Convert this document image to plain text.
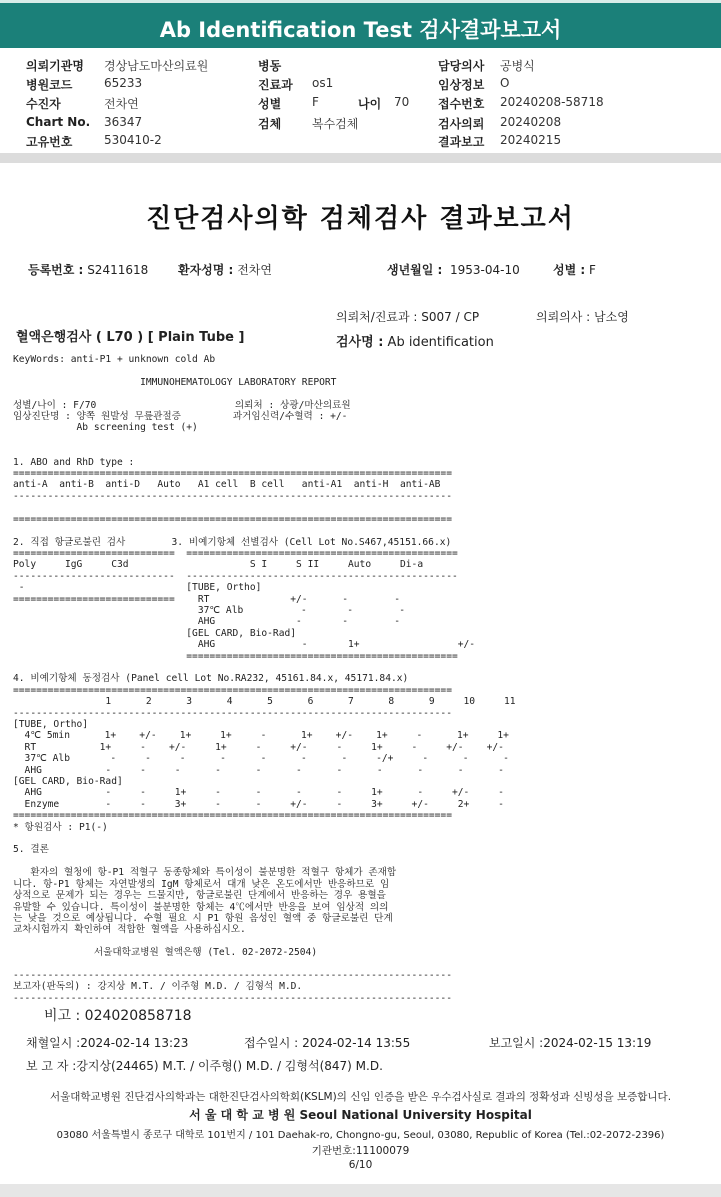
Ab Identification Test 검사결과보고서
의뢰기관명 경상남도마산의료원
병원코드	65233
수진자	전차연
Chart No. 36347
고유번호	530410-2
병동
진료과 os1
성별	F	나이 70
검체	복수검체
담당의사 공병식
임상정보 O
접수번호 20240208-58718
검사의뢰 20240208
결과보고 20240215
진단검사의학 검체검사 결과보고서
등록번호 : S2411618 환자성명 : 전차연	생년월일 : 1953-04-10	성별 : F
의뢰처/진료과 : S007 / CP	의뢰의사 : 남소영
혈액은행검사 ( L70 ) [ Plain Tube ]	검사명 : Ab identification
KeyWords: anti-P1 + unknown cold Ab

IMMUNOHEMATOLOGY LABORATORY REPORT

성별/나이 : F/70                        의뢰처 : 상광/마산의료원
임상진단명 : 양쪽 원발성 무릎관절증         과거임신력/수혈력 : +/-
Ab screening test (+)

1. ABO and RhD type :
============================================================================
anti-A  anti-B  anti-D   Auto   A1 cell  B cell   anti-A1  anti-H  anti-AB
----------------------------------------------------------------------------

============================================================================

2. 직접 항글로불린 검사        3. 비예기항체 선별검사 (Cell Lot No.S467,45151.66.x)
============================  ===============================================
Poly     IgG     C3d                     S I     S II     Auto     Di-a
----------------------------  -----------------------------------------------
-                            [TUBE, Ortho]
============================    RT              +/-      -        -
37℃ Alb          -       -        -
AHG              -       -        -
[GEL CARD, Bio-Rad]
AHG               -       1+                 +/-
===============================================

4. 비예기항체 동정검사 (Panel cell Lot No.RA232, 45161.84.x, 45171.84.x)
============================================================================
1      2      3      4      5      6      7      8      9     10     11
----------------------------------------------------------------------------
[TUBE, Ortho]
4℃ 5min      1+    +/-    1+     1+     -      1+    +/-    1+     -      1+     1+
RT           1+     -    +/-     1+     -     +/-     -     1+     -     +/-    +/-
37℃ Alb       -     -     -      -      -      -      -     -/+     -      -      -
AHG           -     -     -      -      -      -      -      -      -      -      -
[GEL CARD, Bio-Rad]
AHG           -     -     1+     -      -      -      -     1+      -     +/-     -
Enzyme        -     -     3+     -      -     +/-     -     3+     +/-     2+     -
============================================================================
* 항원검사 : P1(-)

5. 결론

환자의 혈청에 항-P1 적혈구 동종항체와 특이성이 불분명한 적혈구 항체가 존재합
니다. 항-P1 항체는 자연발생의 IgM 항체로서 대개 낮은 온도에서만 반응하므로 임
상적으로 문제가 되는 경우는 드물지만, 항글로불린 단계에서 반응하는 경우 용혈을
유발할 수 있습니다. 특이성이 불분명한 항체는 4℃에서만 반응을 보여 임상적 의의
는 낮을 것으로 예상됩니다. 수혈 필요 시 P1 항원 음성인 혈액 중 항글로불린 단계
교차시험까지 확인하여 적합한 혈액을 사용하십시오.

서울대학교병원 혈액은행 (Tel. 02-2072-2504)

----------------------------------------------------------------------------
보고자(판독의) : 강지상 M.T. / 이주형 M.D. / 김형석 M.D.
----------------------------------------------------------------------------
비고 : 024020858718
채혈일시 :2024-02-14 13:23	접수일시 : 2024-02-14 13:55	보고일시 :2024-02-15 13:19
보 고 자 :강지상(24465) M.T. / 이주형() M.D. / 김형석(847) M.D.
서울대학교병원 진단검사의학과는 대한진단검사의학회(KSLM)의 신임 인증을 받은 우수검사실로 결과의 정확성과 신빙성을 보증합니다.
서 울 대 학 교 병 원 Seoul National University Hospital
03080 서울특별시 종로구 대학로 101번지 / 101 Daehak-ro, Chongno-gu, Seoul, 03080, Republic of Korea (Tel.:02-2072-2396)
기관번호:11100079
6/10
